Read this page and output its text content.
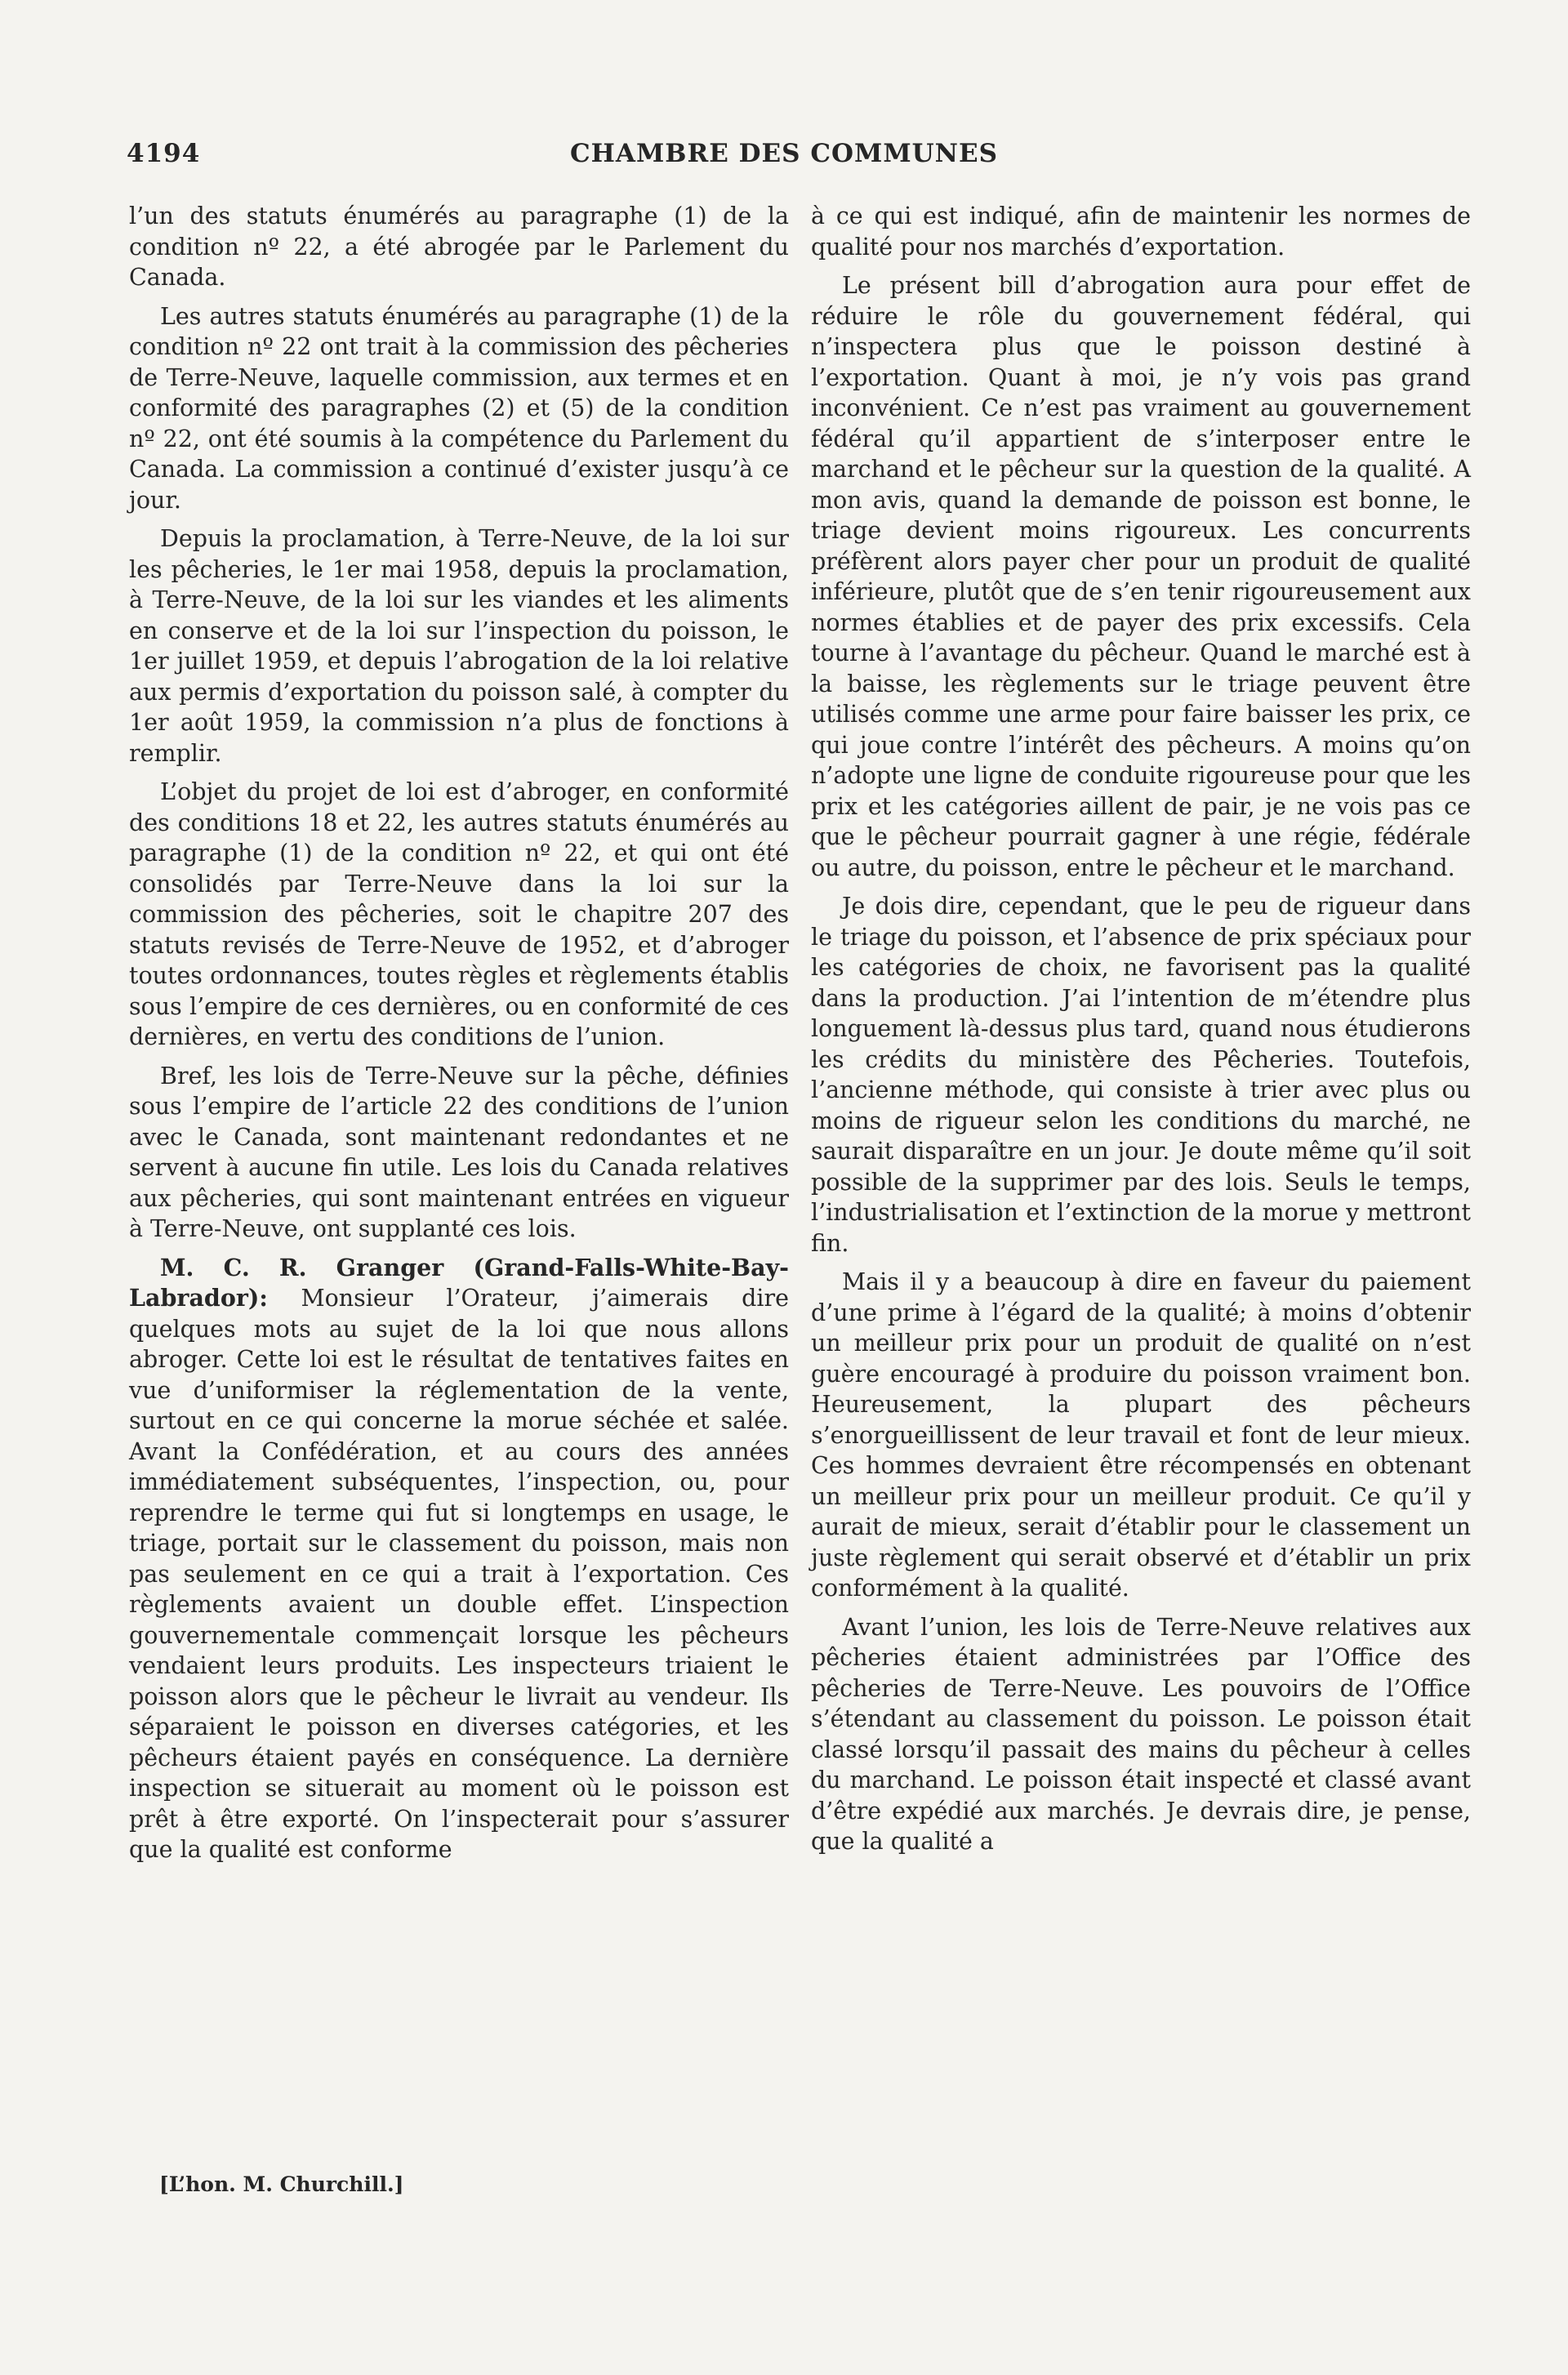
4194	CHAMBRE DES COMMUNES

l’un des statuts énumérés au paragraphe (1) de la condition nº 22, a été abrogée par le Parlement du Canada.

Les autres statuts énumérés au paragraphe (1) de la condition nº 22 ont trait à la commission des pêcheries de Terre-Neuve, laquelle commission, aux termes et en conformité des paragraphes (2) et (5) de la condition nº 22, ont été soumis à la compétence du Parlement du Canada. La commission a continué d’exister jusqu’à ce jour.

Depuis la proclamation, à Terre-Neuve, de la loi sur les pêcheries, le 1er mai 1958, depuis la proclamation, à Terre-Neuve, de la loi sur les viandes et les aliments en conserve et de la loi sur l’inspection du poisson, le 1er juillet 1959, et depuis l’abrogation de la loi relative aux permis d’exportation du poisson salé, à compter du 1er août 1959, la commission n’a plus de fonctions à remplir.

L’objet du projet de loi est d’abroger, en conformité des conditions 18 et 22, les autres statuts énumérés au paragraphe (1) de la condition nº 22, et qui ont été consolidés par Terre-Neuve dans la loi sur la commission des pêcheries, soit le chapitre 207 des statuts revisés de Terre-Neuve de 1952, et d’abroger toutes ordonnances, toutes règles et règlements établis sous l’empire de ces dernières, ou en conformité de ces dernières, en vertu des conditions de l’union.

Bref, les lois de Terre-Neuve sur la pêche, définies sous l’empire de l’article 22 des conditions de l’union avec le Canada, sont maintenant redondantes et ne servent à aucune fin utile. Les lois du Canada relatives aux pêcheries, qui sont maintenant entrées en vigueur à Terre-Neuve, ont supplanté ces lois.

M. C. R. Granger (Grand-Falls-White-Bay-Labrador): Monsieur l’Orateur, j’aimerais dire quelques mots au sujet de la loi que nous allons abroger. Cette loi est le résultat de tentatives faites en vue d’uniformiser la réglementation de la vente, surtout en ce qui concerne la morue séchée et salée. Avant la Confédération, et au cours des années immédiatement subséquentes, l’inspection, ou, pour reprendre le terme qui fut si longtemps en usage, le triage, portait sur le classement du poisson, mais non pas seulement en ce qui a trait à l’exportation. Ces règlements avaient un double effet. L’inspection gouvernementale commençait lorsque les pêcheurs vendaient leurs produits. Les inspecteurs triaient le poisson alors que le pêcheur le livrait au vendeur. Ils séparaient le poisson en diverses catégories, et les pêcheurs étaient payés en conséquence. La dernière inspection se situerait au moment où le poisson est prêt à être exporté. On l’inspecterait pour s’assurer que la qualité est conforme

à ce qui est indiqué, afin de maintenir les normes de qualité pour nos marchés d’exportation.

Le présent bill d’abrogation aura pour effet de réduire le rôle du gouvernement fédéral, qui n’inspectera plus que le poisson destiné à l’exportation. Quant à moi, je n’y vois pas grand inconvénient. Ce n’est pas vraiment au gouvernement fédéral qu’il appartient de s’interposer entre le marchand et le pêcheur sur la question de la qualité. A mon avis, quand la demande de poisson est bonne, le triage devient moins rigoureux. Les concurrents préfèrent alors payer cher pour un produit de qualité inférieure, plutôt que de s’en tenir rigoureusement aux normes établies et de payer des prix excessifs. Cela tourne à l’avantage du pêcheur. Quand le marché est à la baisse, les règlements sur le triage peuvent être utilisés comme une arme pour faire baisser les prix, ce qui joue contre l’intérêt des pêcheurs. A moins qu’on n’adopte une ligne de conduite rigoureuse pour que les prix et les catégories aillent de pair, je ne vois pas ce que le pêcheur pourrait gagner à une régie, fédérale ou autre, du poisson, entre le pêcheur et le marchand.

Je dois dire, cependant, que le peu de rigueur dans le triage du poisson, et l’absence de prix spéciaux pour les catégories de choix, ne favorisent pas la qualité dans la production. J’ai l’intention de m’étendre plus longuement là-dessus plus tard, quand nous étudierons les crédits du ministère des Pêcheries. Toutefois, l’ancienne méthode, qui consiste à trier avec plus ou moins de rigueur selon les conditions du marché, ne saurait disparaître en un jour. Je doute même qu’il soit possible de la supprimer par des lois. Seuls le temps, l’industrialisation et l’extinction de la morue y mettront fin.

Mais il y a beaucoup à dire en faveur du paiement d’une prime à l’égard de la qualité; à moins d’obtenir un meilleur prix pour un produit de qualité on n’est guère encouragé à produire du poisson vraiment bon. Heureusement, la plupart des pêcheurs s’enorgueillissent de leur travail et font de leur mieux. Ces hommes devraient être récompensés en obtenant un meilleur prix pour un meilleur produit. Ce qu’il y aurait de mieux, serait d’établir pour le classement un juste règlement qui serait observé et d’établir un prix conformément à la qualité.

Avant l’union, les lois de Terre-Neuve relatives aux pêcheries étaient administrées par l’Office des pêcheries de Terre-Neuve. Les pouvoirs de l’Office s’étendant au classement du poisson. Le poisson était classé lorsqu’il passait des mains du pêcheur à celles du marchand. Le poisson était inspecté et classé avant d’être expédié aux marchés. Je devrais dire, je pense, que la qualité a

[L’hon. M. Churchill.]
